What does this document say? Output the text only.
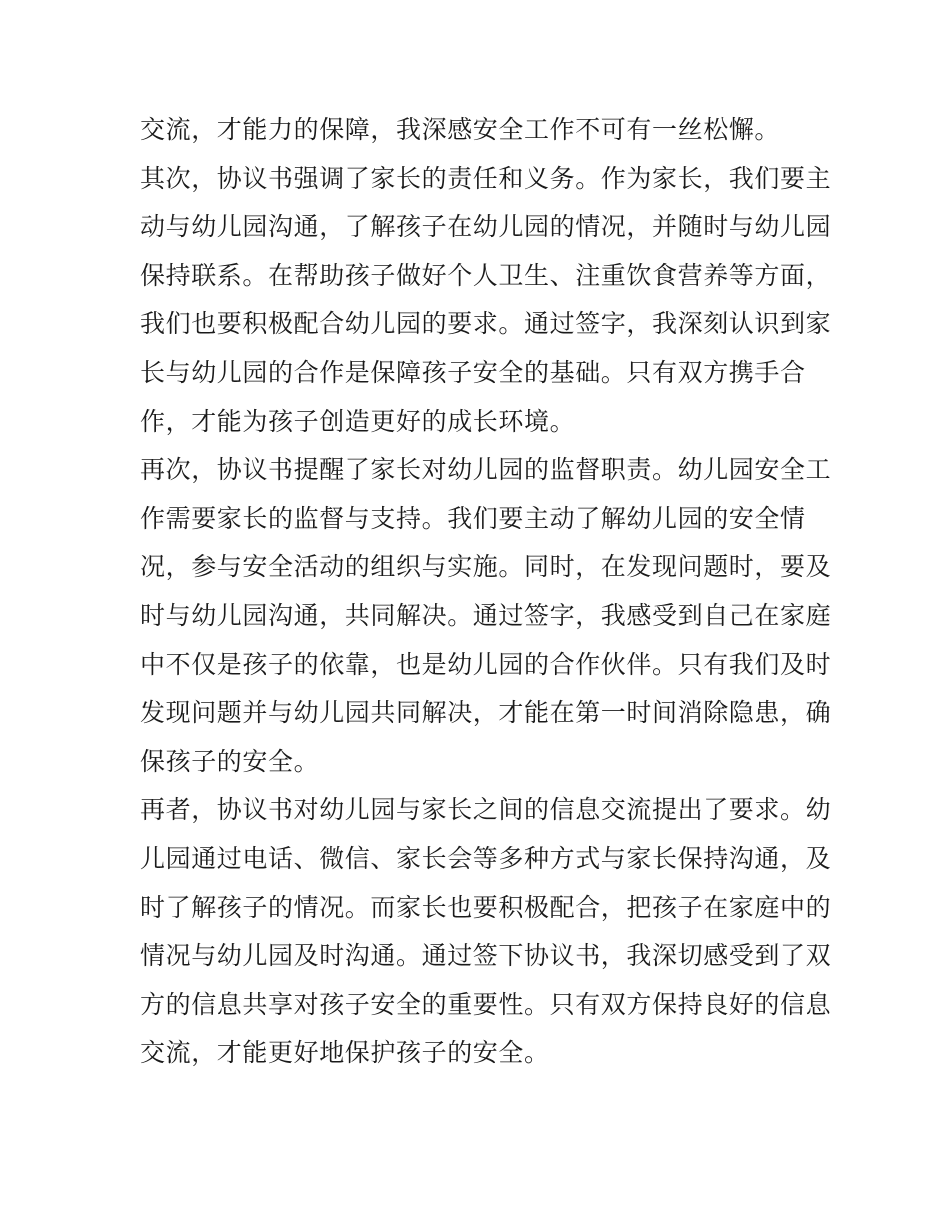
交流，才能力的保障，我深感安全工作不可有一丝松懈。
其次，协议书强调了家长的责任和义务。作为家长，我们要主
动与幼儿园沟通，了解孩子在幼儿园的情况，并随时与幼儿园
保持联系。在帮助孩子做好个人卫生、注重饮食营养等方面，
我们也要积极配合幼儿园的要求。通过签字，我深刻认识到家
长与幼儿园的合作是保障孩子安全的基础。只有双方携手合
作，才能为孩子创造更好的成长环境。
再次，协议书提醒了家长对幼儿园的监督职责。幼儿园安全工
作需要家长的监督与支持。我们要主动了解幼儿园的安全情
况，参与安全活动的组织与实施。同时，在发现问题时，要及
时与幼儿园沟通，共同解决。通过签字，我感受到自己在家庭
中不仅是孩子的依靠，也是幼儿园的合作伙伴。只有我们及时
发现问题并与幼儿园共同解决，才能在第一时间消除隐患，确
保孩子的安全。
再者，协议书对幼儿园与家长之间的信息交流提出了要求。幼
儿园通过电话、微信、家长会等多种方式与家长保持沟通，及
时了解孩子的情况。而家长也要积极配合，把孩子在家庭中的
情况与幼儿园及时沟通。通过签下协议书，我深切感受到了双
方的信息共享对孩子安全的重要性。只有双方保持良好的信息
交流，才能更好地保护孩子的安全。
